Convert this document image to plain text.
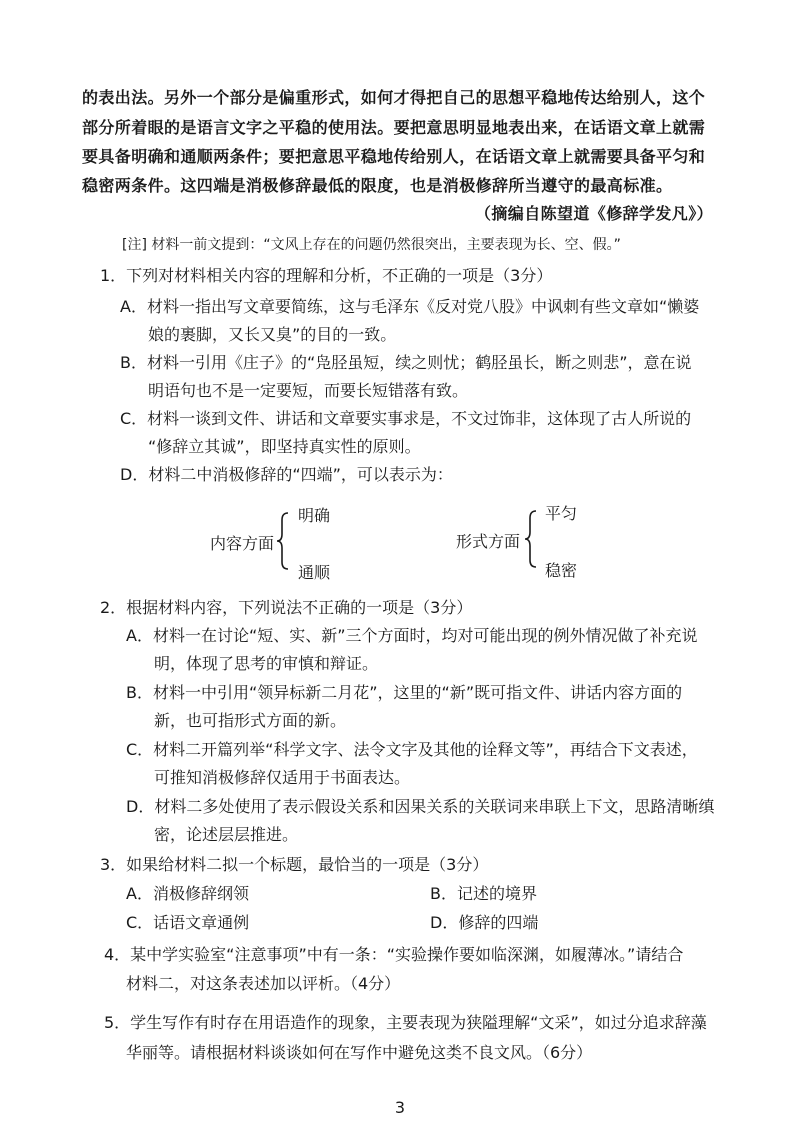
的表出法。另外一个部分是偏重形式，如何才得把自己的思想平稳地传达给别人，这个
部分所着眼的是语言文字之平稳的使用法。要把意思明显地表出来，在话语文章上就需
要具备明确和通顺两条件；要把意思平稳地传给别人，在话语文章上就需要具备平匀和
稳密两条件。这四端是消极修辞最低的限度，也是消极修辞所当遵守的最高标准。
（摘编自陈望道《修辞学发凡》）
[注] 材料一前文提到：“文风上存在的问题仍然很突出，主要表现为长、空、假。”
1．下列对材料相关内容的理解和分析，不正确的一项是（3分）
A．材料一指出写文章要简练，这与毛泽东《反对党八股》中讽刺有些文章如“懒婆
娘的裹脚，又长又臭”的目的一致。
B．材料一引用《庄子》的“凫胫虽短，续之则忧；鹤胫虽长，断之则悲”，意在说
明语句也不是一定要短，而要长短错落有致。
C．材料一谈到文件、讲话和文章要实事求是，不文过饰非，这体现了古人所说的
“修辞立其诚”，即坚持真实性的原则。
D．材料二中消极修辞的“四端”，可以表示为：
明确
内容方面
通顺
平匀
形式方面
稳密
2．根据材料内容，下列说法不正确的一项是（3分）
A．材料一在讨论“短、实、新”三个方面时，均对可能出现的例外情况做了补充说
明，体现了思考的审慎和辩证。
B．材料一中引用“领异标新二月花”，这里的“新”既可指文件、讲话内容方面的
新，也可指形式方面的新。
C．材料二开篇列举“科学文字、法令文字及其他的诠释文等”，再结合下文表述，
可推知消极修辞仅适用于书面表达。
D．材料二多处使用了表示假设关系和因果关系的关联词来串联上下文，思路清晰缜
密，论述层层推进。
3．如果给材料二拟一个标题，最恰当的一项是（3分）
A．消极修辞纲领	B．记述的境界
C．话语文章通例	D．修辞的四端
4．某中学实验室“注意事项”中有一条：“实验操作要如临深渊，如履薄冰。”请结合
材料二，对这条表述加以评析。（4分）
5．学生写作有时存在用语造作的现象，主要表现为狭隘理解“文采”，如过分追求辞藻
华丽等。请根据材料谈谈如何在写作中避免这类不良文风。（6分）
3
